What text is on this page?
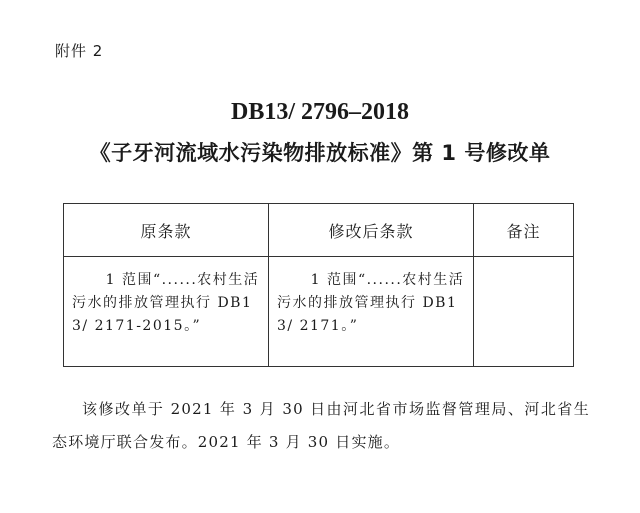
附件 2
DB13/ 2796–2018
《子牙河流域水污染物排放标准》第 1 号修改单
原条款	修改后条款	备注

1 范围“......农村生活污水的排放管理执行 DB13/ 2171-2015。”	1 范围“......农村生活污水的排放管理执行 DB13/ 2171。”	

该修改单于 2021 年 3 月 30 日由河北省市场监督管理局、河北省生态环境厅联合发布。2021 年 3 月 30 日实施。
